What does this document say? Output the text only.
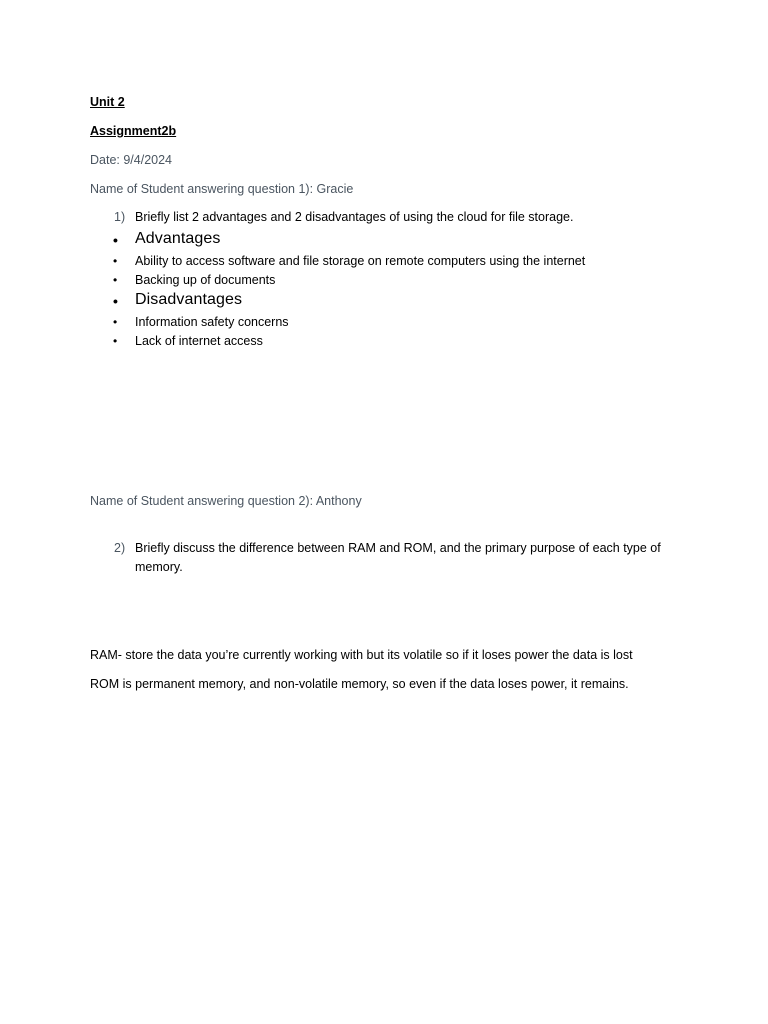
Unit 2
Assignment2b
Date: 9/4/2024
Name of Student answering question 1): Gracie
1) Briefly list 2 advantages and 2 disadvantages of using the cloud for file storage.
• Advantages
• Ability to access software and file storage on remote computers using the internet
• Backing up of documents
• Disadvantages
• Information safety concerns
• Lack of internet access
Name of Student answering question 2): Anthony
2) Briefly discuss the difference between RAM and ROM, and the primary purpose of each type of memory.
RAM- store the data you’re currently working with but its volatile so if it loses power the data is lost
ROM is permanent memory, and non-volatile memory, so even if the data loses power, it remains.
